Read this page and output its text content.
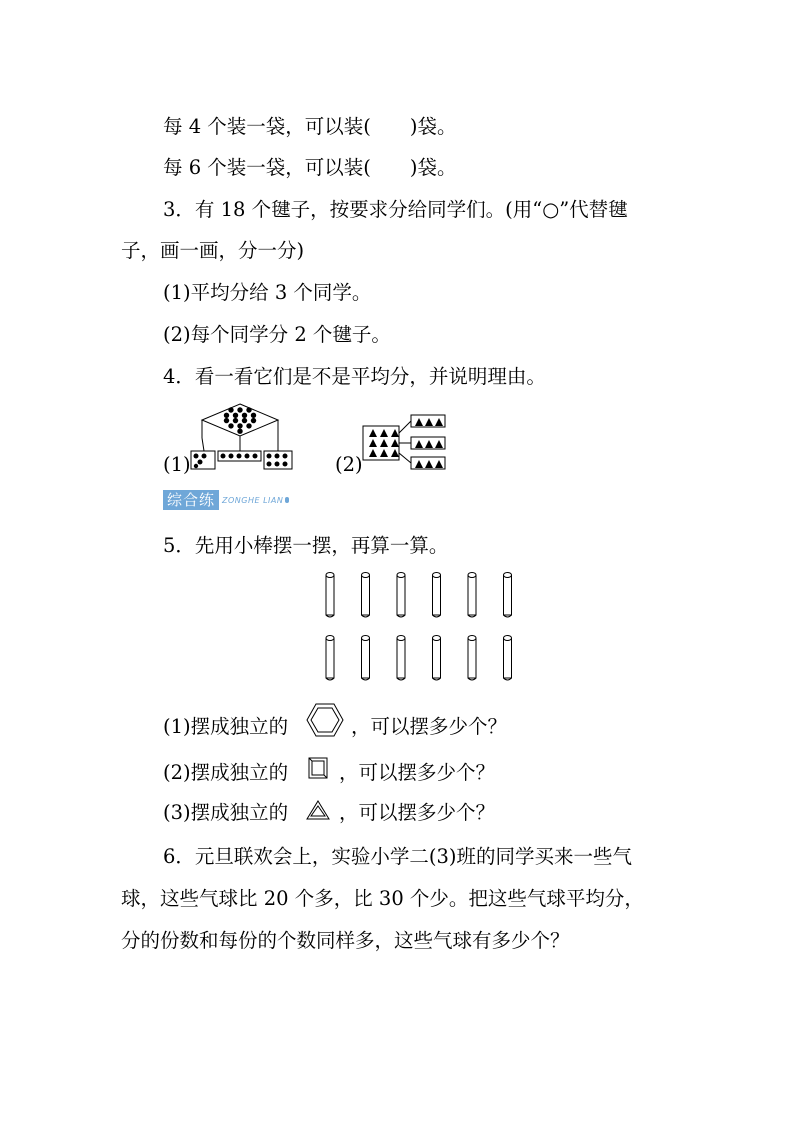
每 4 个装一袋，可以装(　　)袋。
每 6 个装一袋，可以装(　　)袋。
3．有 18 个毽子，按要求分给同学们。(用“○”代替毽
子，画一画，分一分)
(1)平均分给 3 个同学。
(2)每个同学分 2 个毽子。
4．看一看它们是不是平均分，并说明理由。
(1)	(2)
综合练 ZONGHE LIAN
5．先用小棒摆一摆，再算一算。
(1)摆成独立的	，可以摆多少个？
(2)摆成独立的	，可以摆多少个？
(3)摆成独立的	，可以摆多少个？
6．元旦联欢会上，实验小学二(3)班的同学买来一些气
球，这些气球比 20 个多，比 30 个少。把这些气球平均分，
分的份数和每份的个数同样多，这些气球有多少个？
